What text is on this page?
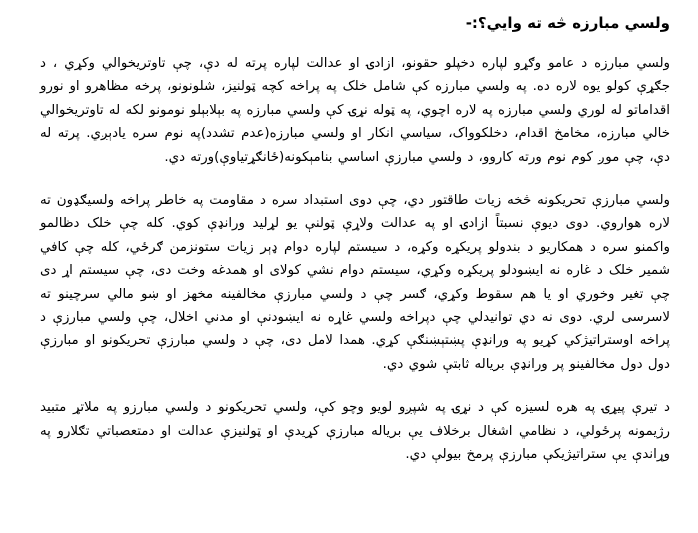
ولسي مبارزه څه ته وايي؟:-

ولسي مبارزه د عامو وګړو لپاره دخپلو حقونو، ازادۍ او عدالت لپاره پرته له دې، چې تاوتريخوالي وکړي ، د جګړې کولو يوه لاره ده. په ولسي مبارزه کې شامل خلک په پراخه کچه ټولنيز، شلونونو، پرخه مظاهرو او نورو اقداماتو له لوري ولسي مبارزه په لاره اچوي، په ټوله نړۍ کې ولسي مبارزه په بېلابېلو نومونو لکه له تاوتريخوالي خالي مبارزه، مخامخ اقدام، دخلکوواک، سياسي انکار او ولسي مبارزه(عدم تشدد)په نوم سره يادېږي. پرته له دې، چې موږ کوم نوم ورته کاروو، د ولسي مبارزې اساسي بنامېکونه(ځانګړتياوې)ورته دي.

ولسي مبارزې تحريکونه څخه زيات طاقتور دي، چې دوی استبداد سره د مقاومت په خاطر پراخه ولسيګډون ته لاره هواروي. دوی ديوې نسبتاً ازادۍ او په عدالت ولاړې ټولنې يو لړليد ورانډې کوي. کله چې خلک دظالمو واکمنو سره د همکاريو د بندولو پريکړه وکړه، د سيستم لپاره دوام ډېر زيات ستونزمن ګرځي، کله چې کافي شمير خلک د غاره نه ايښودلو پريکړه وکړي، سيستم دوام نشي کولای او همدغه وخت دی، چې سيستم اړ دی چې تغير وخوري او يا هم سقوط وکړي، ګسر چې د ولسي مبارزې مخالفينه مخهز او ښو مالي سرچينو ته لاسرسی لري. دوی نه دي توانيدلي چې دپراخه ولسي غاړه نه ايښودنې او مدني اخلال، چې ولسي مبارزې د پراخه اوستراتيژکي کړيو په ورانډې پښتېښنګې کړي. همدا لامل دی، چې د ولسي مبارزې تحريکونو او مبارزې دول دول مخالفينو پر ورانډې برياله ثابتې شوي دي.

د تيرې پيړۍ په هره لسيزه کې د نړۍ په شپږو لويو وچو کې، ولسي تحريکونو د ولسي مبارزو په ملاتړ متبيد رژيمونه پرځولي، د نظامي اشغال برخلاف يې برياله مبارزې کړيدې او ټولنيزې عدالت او دمتعصباتي تګلارو په وړاندې يې ستراتيژيکې مبارزې پرمخ بيولې دي.
